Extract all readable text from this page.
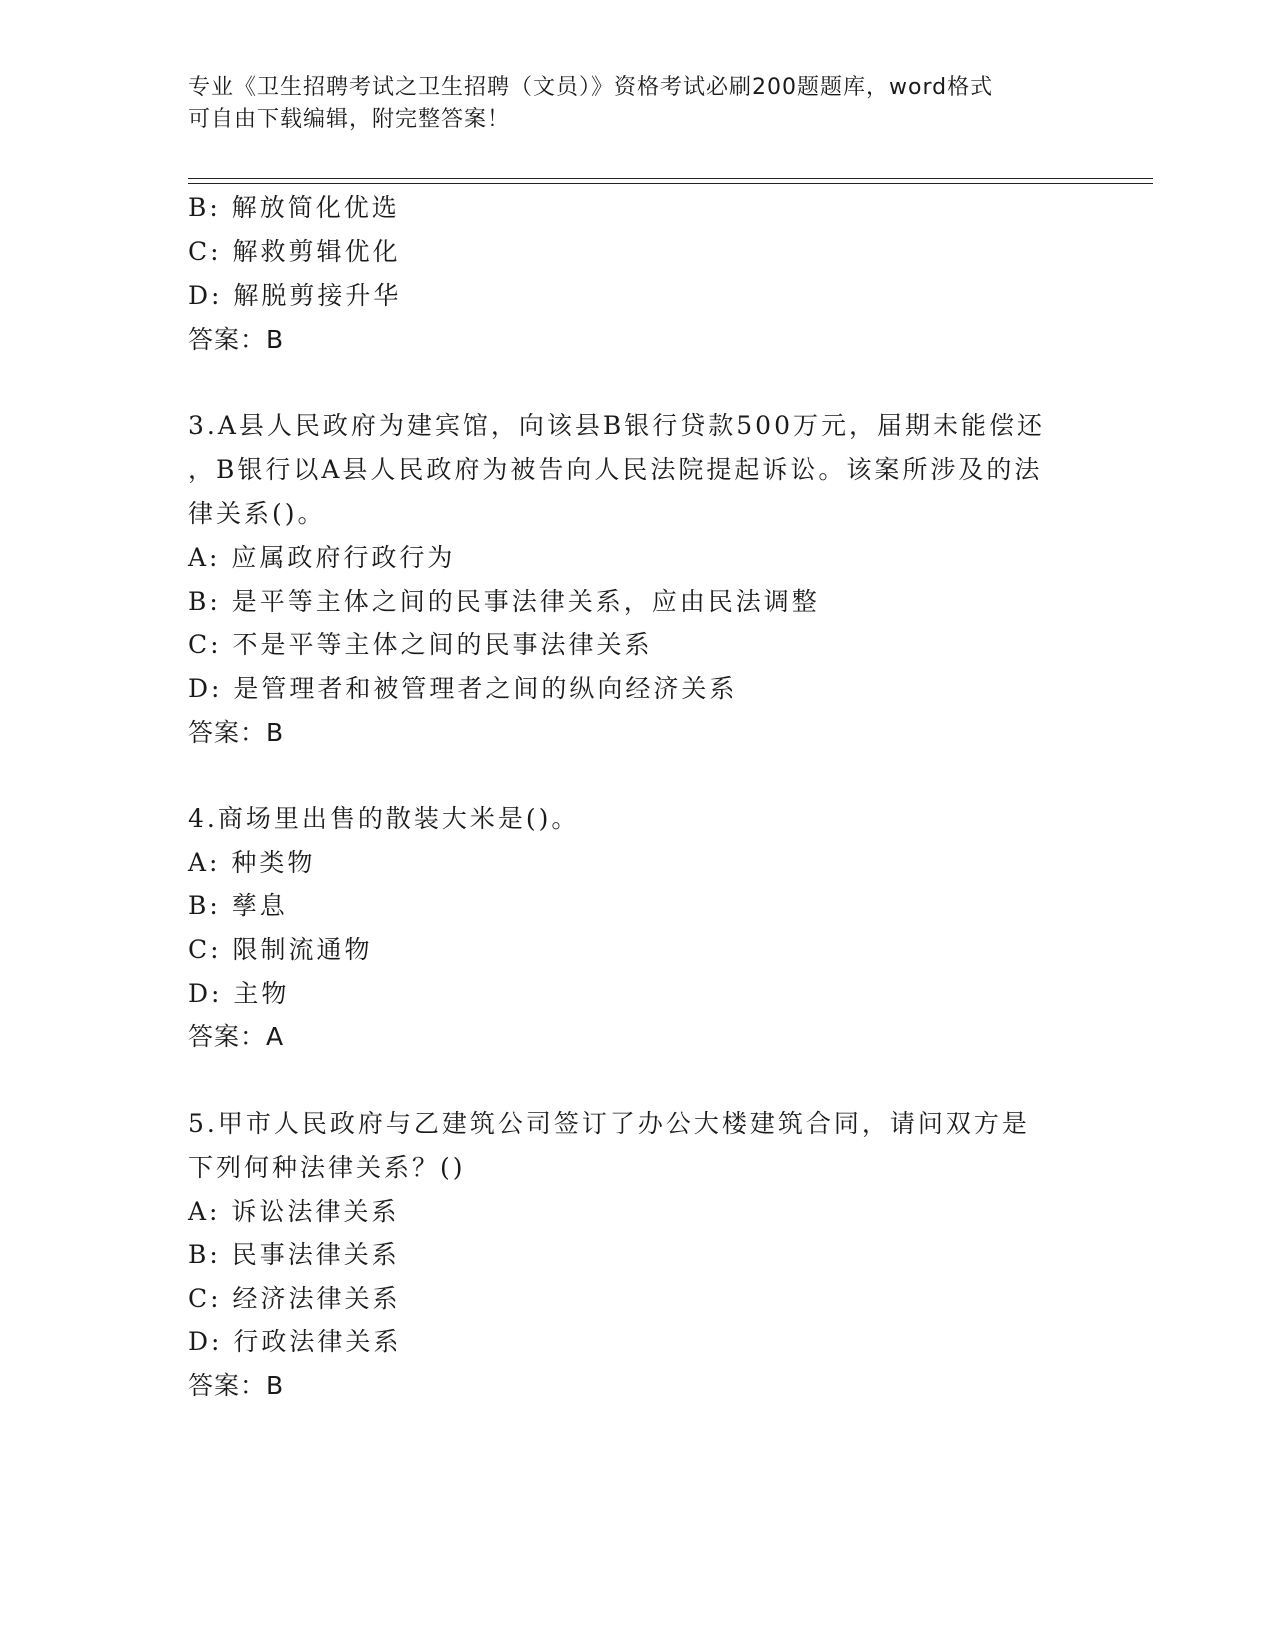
专业《卫生招聘考试之卫生招聘（文员）》资格考试必刷200题题库，word格式
可自由下载编辑，附完整答案！
B: 解放简化优选
C: 解救剪辑优化
D: 解脱剪接升华
答案：B
3.A县人民政府为建宾馆，向该县B银行贷款500万元，届期未能偿还
，B银行以A县人民政府为被告向人民法院提起诉讼。该案所涉及的法
律关系()。
A: 应属政府行政行为
B: 是平等主体之间的民事法律关系，应由民法调整
C: 不是平等主体之间的民事法律关系
D: 是管理者和被管理者之间的纵向经济关系
答案：B
4.商场里出售的散装大米是()。
A: 种类物
B: 孳息
C: 限制流通物
D: 主物
答案：A
5.甲市人民政府与乙建筑公司签订了办公大楼建筑合同，请问双方是
下列何种法律关系？()
A: 诉讼法律关系
B: 民事法律关系
C: 经济法律关系
D: 行政法律关系
答案：B
